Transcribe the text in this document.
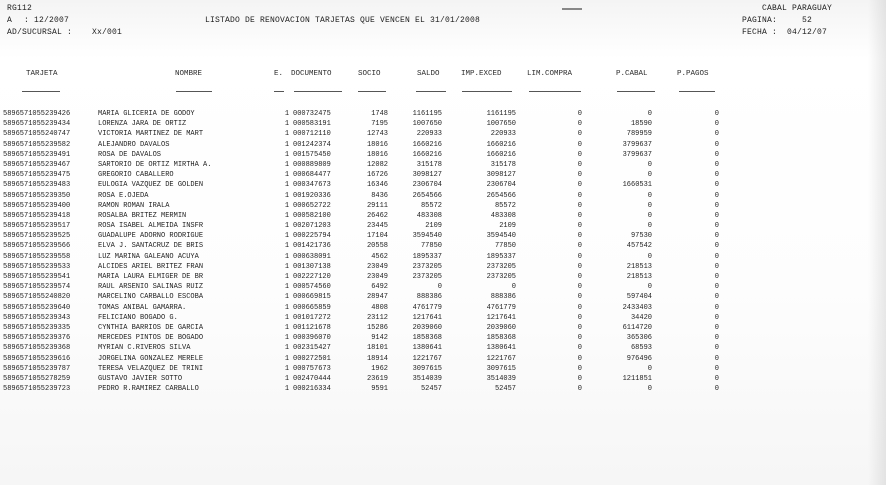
RG112
A : 12/2007
AD/SUCURSAL : Xx/001
LISTADO DE RENOVACION TARJETAS QUE VENCEN EL 31/01/2008
CABAL PARAGUAY
PAGINA:	52
FECHA : 04/12/07
TARJETA	NOMBRE	E. DOCUMENTO	SOCIO	SALDO	IMP.EXCED	LIM.COMPRA	P.CABAL	P.PAGOS
5896571055239426	MARIA GLICERIA DE GODOY	1 000732475	1748	1161195	1161195	0	0	0
5896571055239434	LORENZA JARA DE ORTIZ	1 000583191	7195	1007650	1007650	0	18590	0
5896571055240747	VICTORIA MARTINEZ DE MART	1 000712110	12743	220933	220933	0	789959	0
5896571055239582	ALEJANDRO DAVALOS	1 001242374	18016	1660216	1660216	0	3799637	0
5896571055239491	ROSA DE DAVALOS	1 001575450	18016	1660216	1660216	0	3799637	0
5896571055239467	SARTORIO DE ORTIZ MIRTHA A.	1 000889809	12082	315178	315178	0	0	0
5896571055239475	GREGORIO CABALLERO	1 000684477	16726	3098127	3098127	0	0	0
5896571055239483	EULOGIA VAZQUEZ DE GOLDEN	1 000347673	16346	2306704	2306704	0	1660531	0
5896571055239350	ROSA E.OJEDA	1 001920336	8436	2654566	2654566	0	0	0
5896571055239400	RAMON ROMAN IRALA	1 000652722	29111	85572	85572	0	0	0
5896571055239418	ROSALBA BRITEZ MERMIN	1 000582100	26462	483308	483308	0	0	0
5896571055239517	ROSA ISABEL ALMEIDA INSFR	1 002071203	23445	2109	2109	0	0	0
5896571055239525	GUADALUPE ADORNO RODRIGUE	1 000225794	17104	3594540	3594540	0	97530	0
5896571055239566	ELVA J. SANTACRUZ DE BRIS	1 001421736	20558	77850	77850	0	457542	0
5896571055239558	LUZ MARINA GALEANO ACUYA	1 000638091	4562	1895337	1895337	0	0	0
5896571055239533	ALCIDES ARIEL BRITEZ FRAN	1 001307138	23049	2373205	2373205	0	218513	0
5896571055239541	MARIA LAURA ELMIGER DE BR	1 002227120	23049	2373205	2373205	0	218513	0
5896571055239574	RAUL ARSENIO SALINAS RUIZ	1 000574560	6492	0	0	0	0	0
5896571055240820	MARCELINO CARBALLO ESCOBA	1 000669815	28947	888386	888386	0	597404	0
5896571055239640	TOMAS ANIBAL GAMARRA.	1 000665859	4808	4761779	4761779	0	2433403	0
5896571055239343	FELICIANO BOGADO G.	1 001017272	23112	1217641	1217641	0	34420	0
5896571055239335	CYNTHIA BARRIOS DE GARCIA	1 001121678	15286	2039060	2039060	0	6114720	0
5896571055239376	MERCEDES PINTOS DE BOGADO	1 000396070	9142	1858368	1858368	0	365306	0
5896571055239368	MYRIAN C.RIVEROS SILVA	1 002315427	18101	1380641	1380641	0	68593	0
5896571055239616	JORGELINA GONZALEZ MERELE	1 000272501	18914	1221767	1221767	0	976496	0
5896571055239787	TERESA VELAZQUEZ DE TRINI	1 000757673	1962	3097615	3097615	0	0	0
5896571055278259	GUSTAVO JAVIER SOTTO	1 002470444	23619	3514039	3514039	0	1211851	0
5896571055239723	PEDRO R.RAMIREZ CARBALLO	1 000216334	9591	52457	52457	0	0	0
